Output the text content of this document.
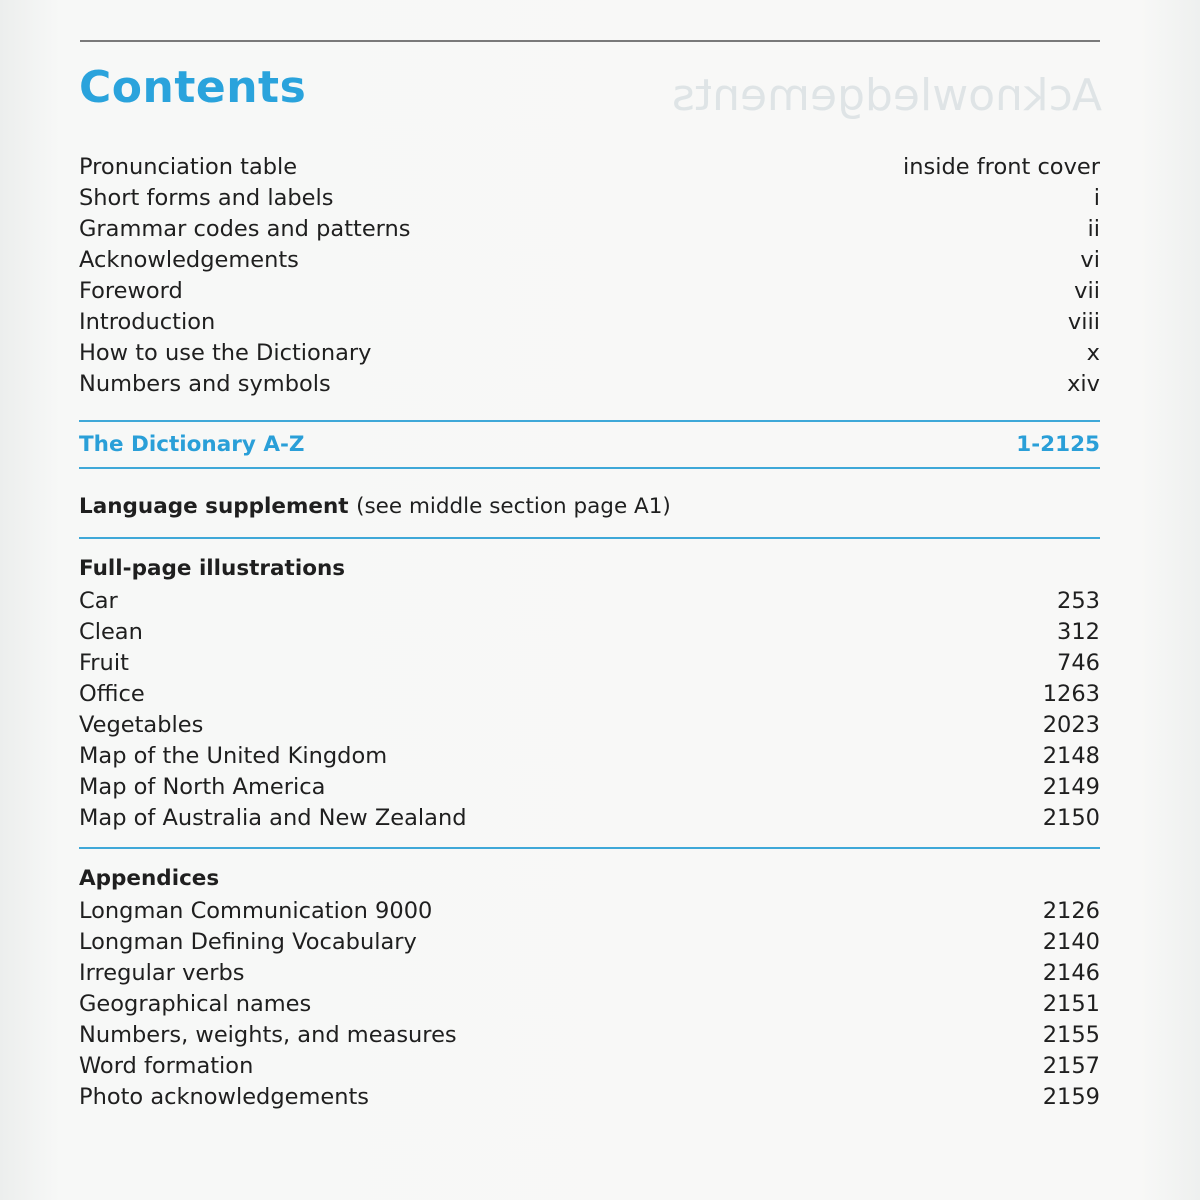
Acknowledgements
Contents
Pronunciation table	inside front cover
Short forms and labels	i
Grammar codes and patterns	ii
Acknowledgements	vi
Foreword	vii
Introduction	viii
How to use the Dictionary	x
Numbers and symbols	xiv
The Dictionary A-Z	1-2125
Language supplement (see middle section page A1)
Full-page illustrations
Car	253
Clean	312
Fruit	746
Office	1263
Vegetables	2023
Map of the United Kingdom	2148
Map of North America	2149
Map of Australia and New Zealand	2150
Appendices
Longman Communication 9000	2126
Longman Defining Vocabulary	2140
Irregular verbs	2146
Geographical names	2151
Numbers, weights, and measures	2155
Word formation	2157
Photo acknowledgements	2159
